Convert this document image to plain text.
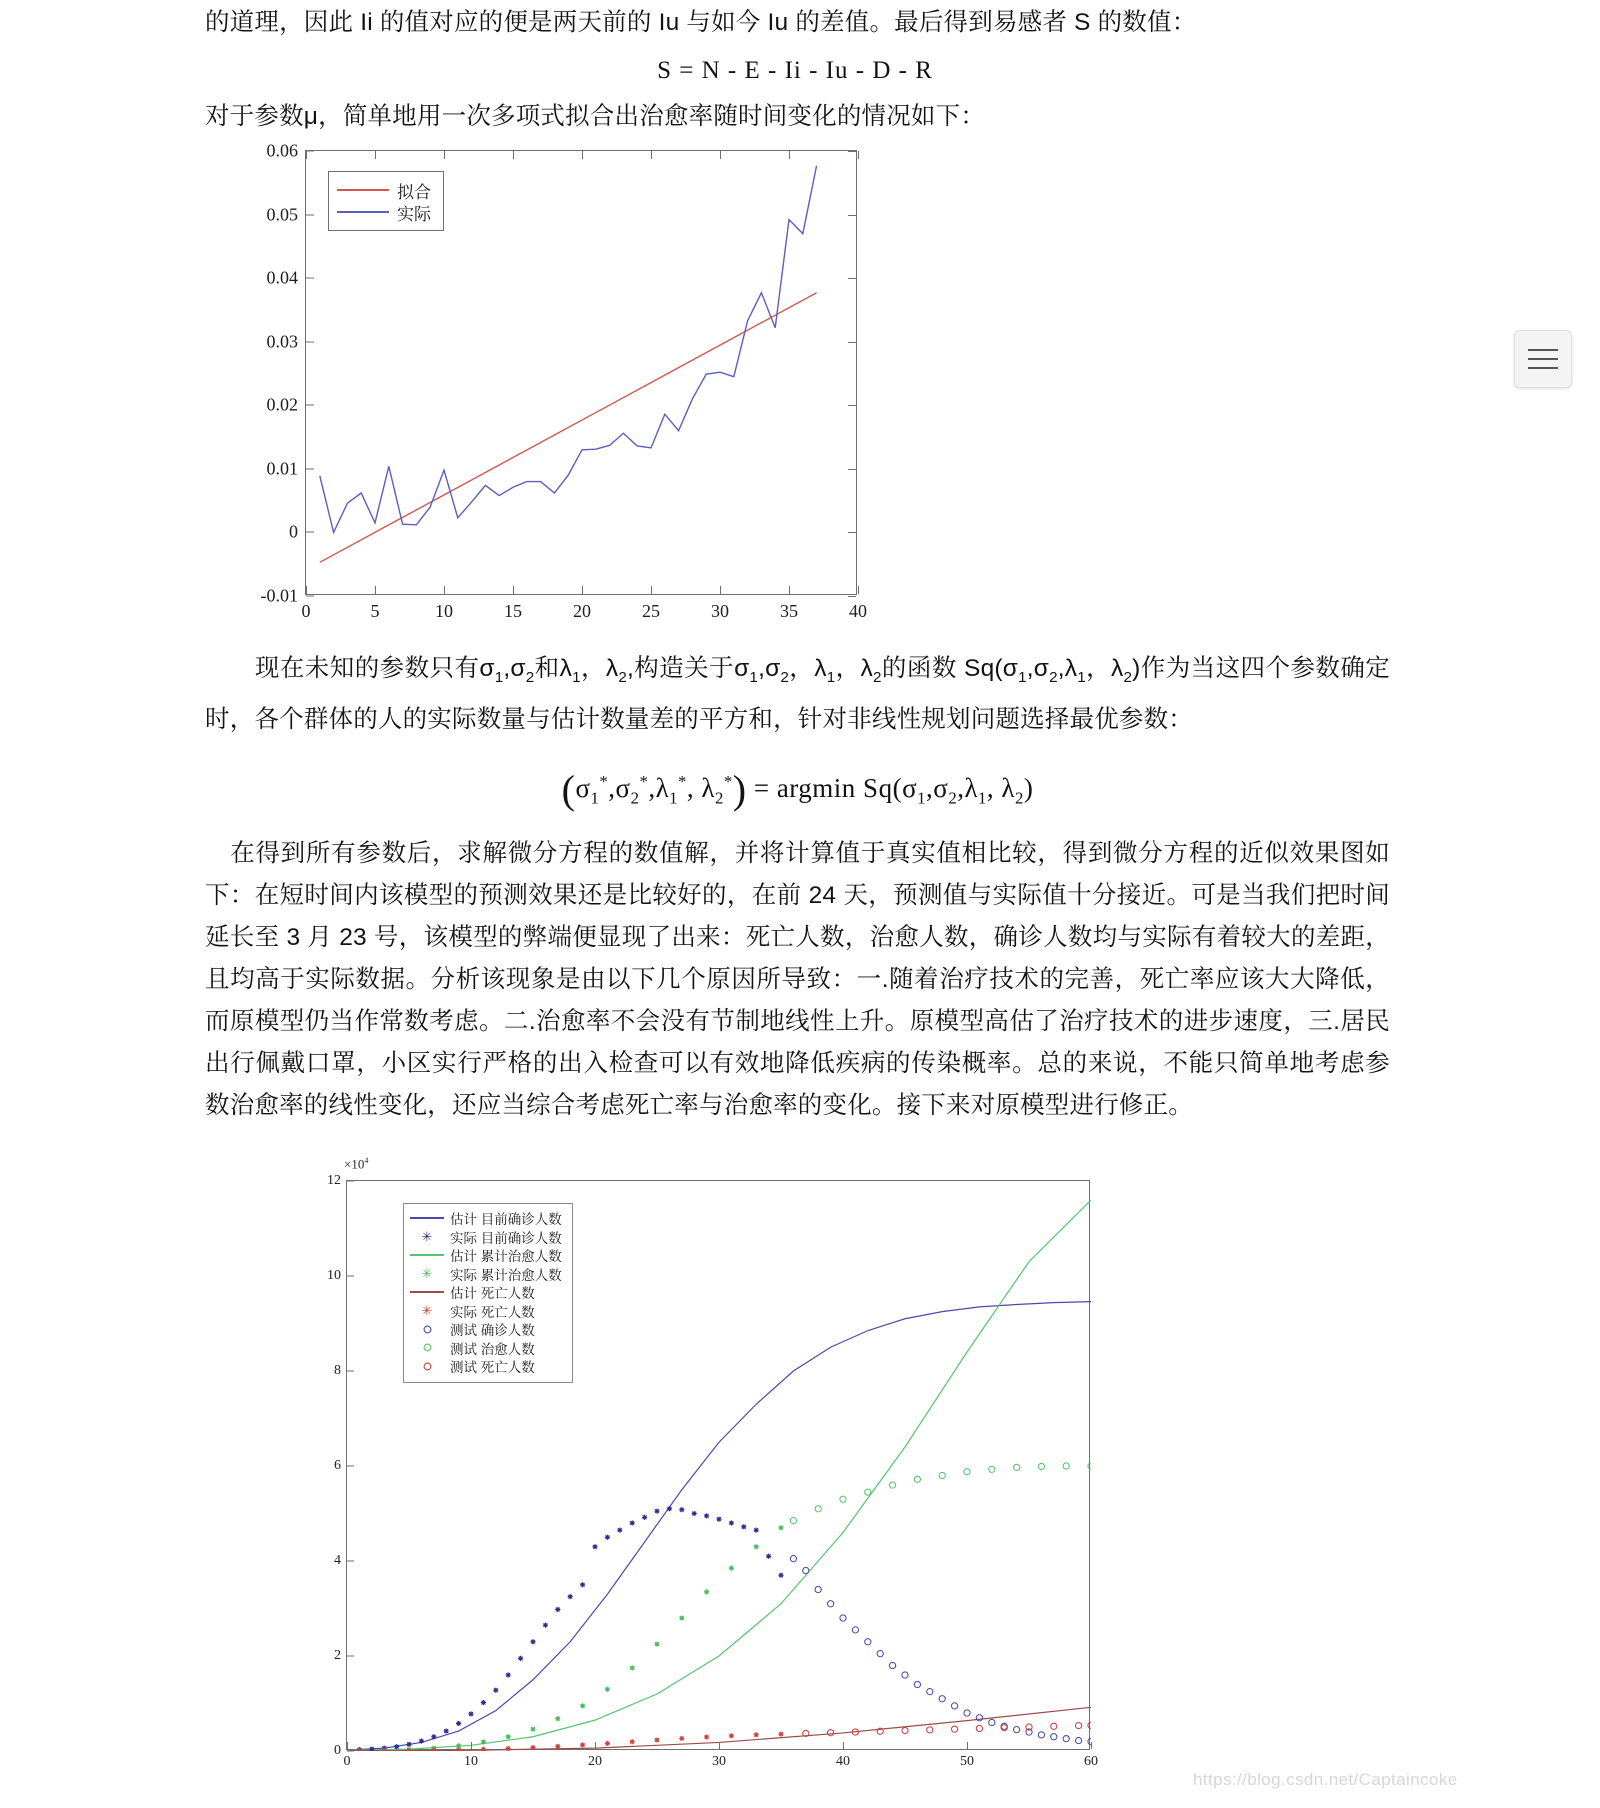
的道理，因此 Ii 的值对应的便是两天前的 Iu 与如今 Iu 的差值。最后得到易感者 S 的数值：
S = N - E - Ii - Iu - D - R
对于参数μ，简单地用一次多项式拟合出治愈率随时间变化的情况如下：
拟合
实际
0.06
0.05
0.04
0.03
0.02
0.01
0
-0.01
0	5	10	15	20	25	30	35	40
　　现在未知的参数只有$\sigma_1,\sigma_2$和$\lambda_1$，$\lambda_2$,构造关于$\sigma_1,\sigma_2$，$\lambda_1$，$\lambda_2$的函数 $Sq(\sigma_1,\sigma_2,\lambda_1$，$\lambda_2$)作为当这四个参数确定时，各个群体的人的实际数量与估计数量差的平方和，针对非线性规划问题选择最优参数：
($\sigma_1^*,\sigma_2^*,\lambda_1^*$, $\lambda_2^*) = argmin$ $Sq(\sigma_1,\sigma_2,\lambda_1$, $\lambda_2$)
　在得到所有参数后，求解微分方程的数值解，并将计算值于真实值相比较，得到微分方程的近似效果图如下：在短时间内该模型的预测效果还是比较好的，在前 24 天，预测值与实际值十分接近。可是当我们把时间延长至 3 月 23 号，该模型的弊端便显现了出来：死亡人数，治愈人数，确诊人数均与实际有着较大的差距，且均高于实际数据。分析该现象是由以下几个原因所导致：一.随着治疗技术的完善，死亡率应该大大降低，而原模型仍当作常数考虑。二.治愈率不会没有节制地线性上升。原模型高估了治疗技术的进步速度，三.居民出行佩戴口罩，小区实行严格的出入检查可以有效地降低疾病的传染概率。总的来说，不能只简单地考虑参数治愈率的线性变化，还应当综合考虑死亡率与治愈率的变化。接下来对原模型进行修正。
$\times 10^4$
估计 目前确诊人数
✳	实际 目前确诊人数
估计 累计治愈人数
✳	实际 累计治愈人数
估计 死亡人数
✳	实际 死亡人数
测试 确诊人数
测试 治愈人数
测试 死亡人数
12
10
8
6
4
2
0
0	10	20	30	40	50	60
https://blog.csdn.net/Captaincoke
